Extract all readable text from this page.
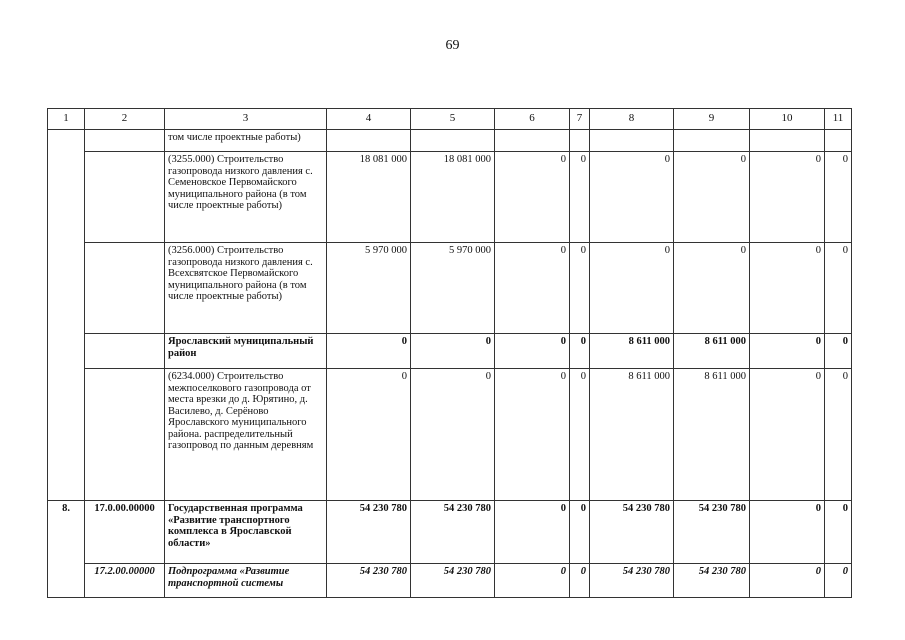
69
1	2	3	4	5	6	7	8	9	10	11
		том числе проектные работы)								
		(3255.000) Строительство газопровода низкого давления с. Семеновское Первомайского муниципального района (в том числе проектные работы)	18 081 000	18 081 000	0	0	0	0	0	0
		(3256.000) Строительство газопровода низкого давления с. Всехсвятское Первомайского муниципального района (в том числе проектные работы)	5 970 000	5 970 000	0	0	0	0	0	0
		Ярославский муниципальный район	0	0	0	0	8 611 000	8 611 000	0	0
		(6234.000) Строительство межпоселкового газопровода от места врезки до д. Юрятино, д. Василево, д. Серёново Ярославского муниципального района. распределительный газопровод по данным деревням	0	0	0	0	8 611 000	8 611 000	0	0
8.	17.0.00.00000	Государственная программа «Развитие транспортного комплекса в Ярославской области»	54 230 780	54 230 780	0	0	54 230 780	54 230 780	0	0
	17.2.00.00000	Подпрограмма «Развитие транспортной системы	54 230 780	54 230 780	0	0	54 230 780	54 230 780	0	0
